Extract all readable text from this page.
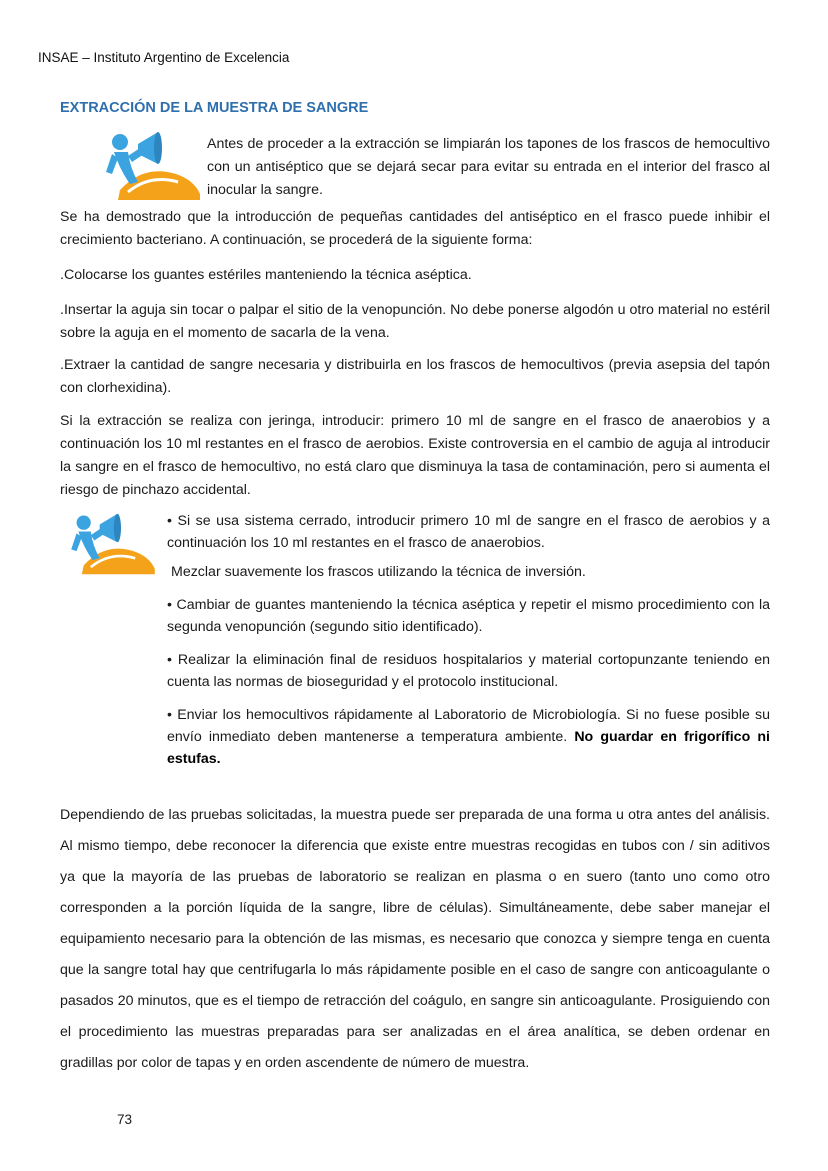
INSAE – Instituto Argentino de Excelencia
EXTRACCIÓN DE LA MUESTRA DE SANGRE
Antes de proceder a la extracción se limpiarán los tapones de los frascos de hemocultivo con un antiséptico que se dejará secar para evitar su entrada en el interior del frasco al inocular la sangre.
Se ha demostrado que la introducción de pequeñas cantidades del antiséptico en el frasco puede inhibir el crecimiento bacteriano. A continuación, se procederá de la siguiente forma:
.Colocarse los guantes estériles manteniendo la técnica aséptica.
.Insertar la aguja sin tocar o palpar el sitio de la venopunción. No debe ponerse algodón u otro material no estéril sobre la aguja en el momento de sacarla de la vena.
.Extraer la cantidad de sangre necesaria y distribuirla en los frascos de hemocultivos (previa asepsia del tapón con clorhexidina).
Si la extracción se realiza con jeringa, introducir: primero 10 ml de sangre en el frasco de anaerobios y a continuación los 10 ml restantes en el frasco de aerobios. Existe controversia en el cambio de aguja al introducir la sangre en el frasco de hemocultivo, no está claro que disminuya la tasa de contaminación, pero si aumenta el riesgo de pinchazo accidental.
• Si se usa sistema cerrado, introducir primero 10 ml de sangre en el frasco de aerobios y a continuación los 10 ml restantes en el frasco de anaerobios.
Mezclar suavemente los frascos utilizando la técnica de inversión.
• Cambiar de guantes manteniendo la técnica aséptica y repetir el mismo procedimiento con la segunda venopunción (segundo sitio identificado).
• Realizar la eliminación final de residuos hospitalarios y material cortopunzante teniendo en cuenta las normas de bioseguridad y el protocolo institucional.
• Enviar los hemocultivos rápidamente al Laboratorio de Microbiología. Si no fuese posible su envío inmediato deben mantenerse a temperatura ambiente. No guardar en frigorífico ni estufas.
Dependiendo de las pruebas solicitadas, la muestra puede ser preparada de una forma u otra antes del análisis. Al mismo tiempo, debe reconocer la diferencia que existe entre muestras recogidas en tubos con / sin aditivos ya que la mayoría de las pruebas de laboratorio se realizan en plasma o en suero (tanto uno como otro corresponden a la porción líquida de la sangre, libre de células). Simultáneamente, debe saber manejar el equipamiento necesario para la obtención de las mismas, es necesario que conozca y siempre tenga en cuenta que la sangre total hay que centrifugarla lo más rápidamente posible en el caso de sangre con anticoagulante o pasados 20 minutos, que es el tiempo de retracción del coágulo, en sangre sin anticoagulante. Prosiguiendo con el procedimiento las muestras preparadas para ser analizadas en el área analítica, se deben ordenar en gradillas por color de tapas y en orden ascendente de número de muestra.
73
